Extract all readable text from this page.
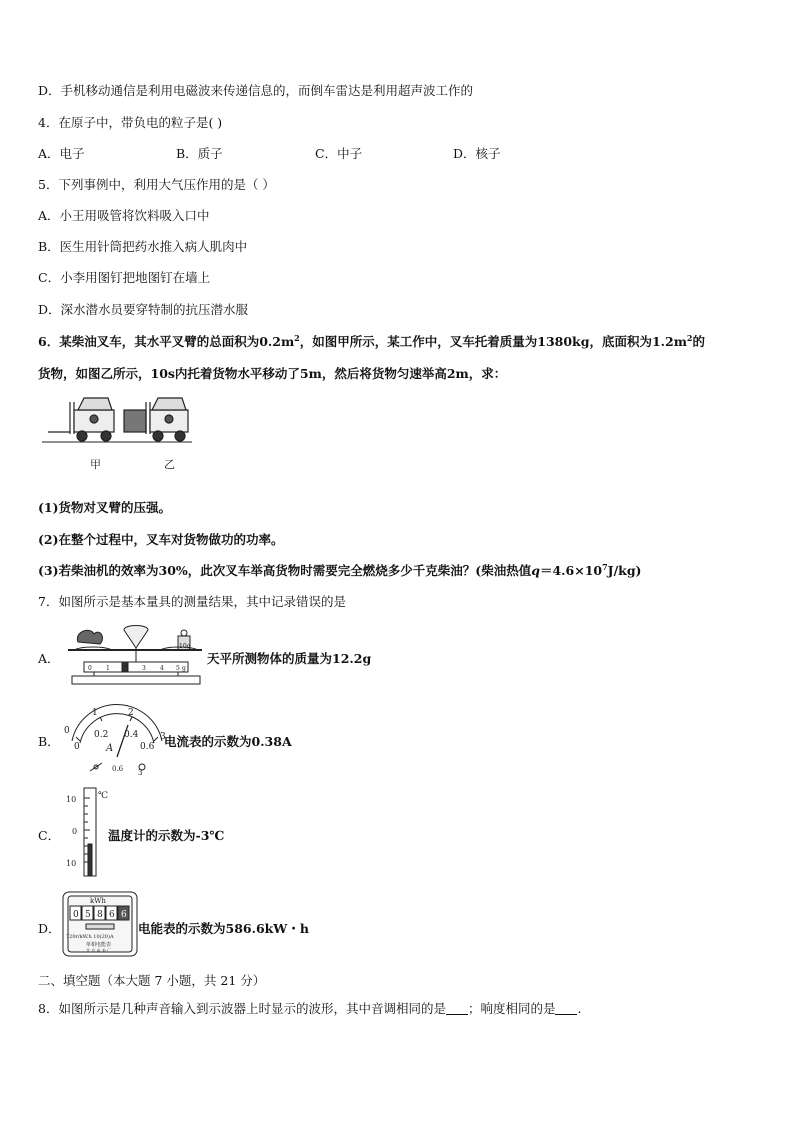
D．手机移动通信是利用电磁波来传递信息的，而倒车雷达是利用超声波工作的
4．在原子中，带负电的粒子是( )
A．电子	B．质子	C．中子	D．核子
5．下列事例中，利用大气压作用的是（ ）
A．小王用吸管将饮料吸入口中
B．医生用针筒把药水推入病人肌肉中
C．小李用图钉把地图钉在墙上
D．深水潜水员要穿特制的抗压潜水服
6．某柴油叉车，其水平叉臂的总面积为$0.2m^2$，如图甲所示，某工作中，叉车托着质量为1380kg，底面积为$1.2m^2$的
货物，如图乙所示，10s内托着货物水平移动了5m，然后将货物匀速举高2m，求：
甲	乙
(1)货物对叉臂的压强。
(2)在整个过程中，叉车对货物做功的功率。
(3)若柴油机的效率为30%，此次叉车举高货物时需要完全燃烧多少千克柴油？(柴油热值$q=4.6\times 10^7J/kg$)
7．如图所示是基本量具的测量结果，其中记录错误的是
A．
10g
0 1 2 3 4 5 g
天平所测物体的质量为12.2g
B．
0
1	2
3
0
0.2 0.4
0.6
A
0.6 3
电流表的示数为0.38A
C．
10
0
10
℃
温度计的示数为-3℃
D．
kWh
0 5 8 6 6
720r/kW.h 10(20)A
单相电能表
北 京 电 表 厂
电能表的示数为586.6kW・h
二、填空题（本大题 7 小题，共 21 分）
8．如图所示是几种声音输入到示波器上时显示的波形，其中音调相同的是 ；响度相同的是 .
